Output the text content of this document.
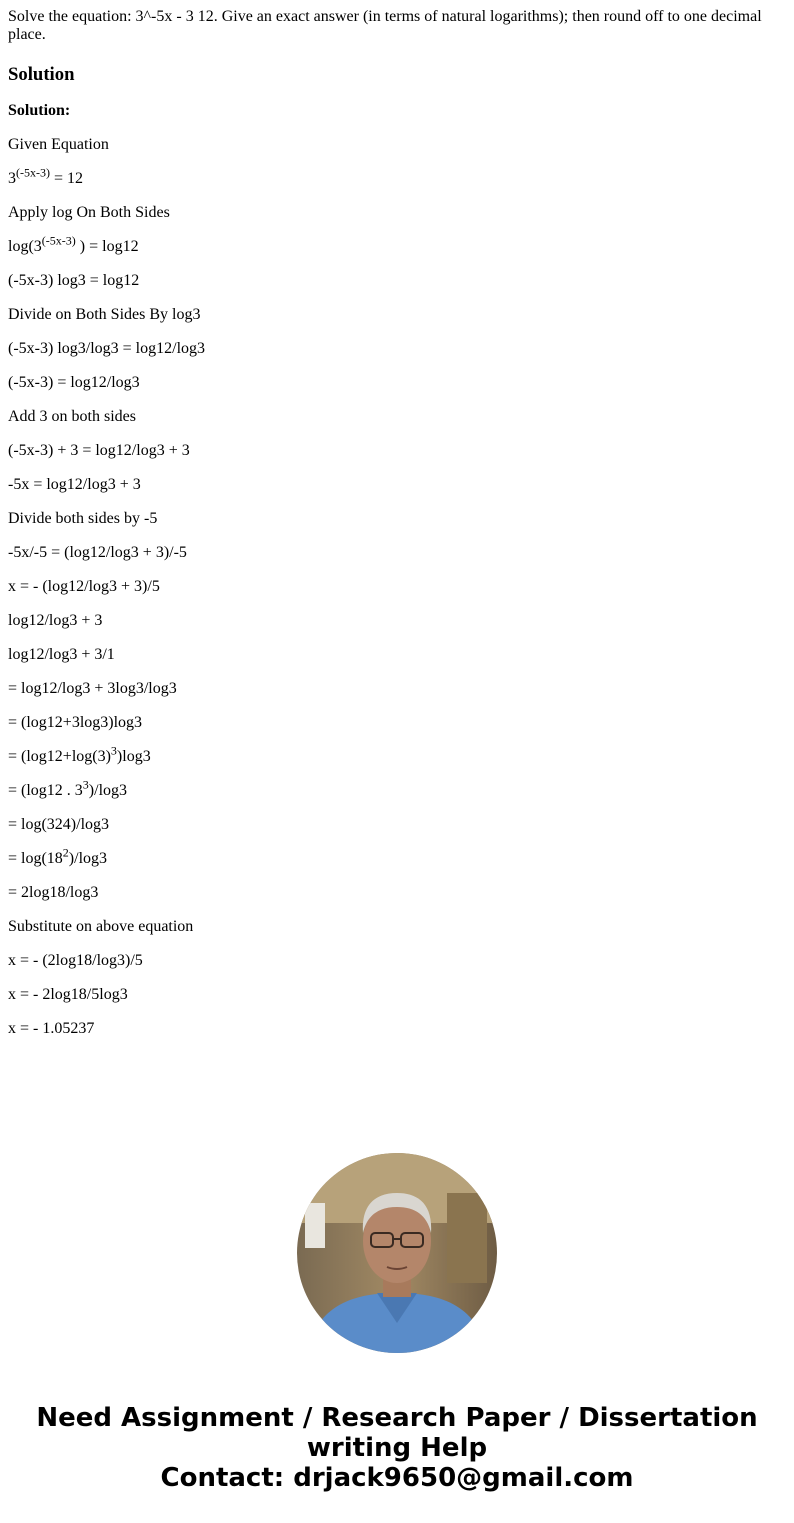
Solve the equation: 3^-5x - 3 12. Give an exact answer (in terms of natural logarithms); then round off to one decimal place.

Solution

Solution:

Given Equation

$3^{(-5x-3)} = 12$

Apply log On Both Sides

$\log(3^{(-5x-3)}$ ) = log12

(-5x-3) log3 = log12

Divide on Both Sides By log3

(-5x-3) log3/log3 = log12/log3

(-5x-3) = log12/log3

Add 3 on both sides

(-5x-3) + 3 = log12/log3 + 3

-5x = log12/log3 + 3

Divide both sides by -5

-5x/-5 = (log12/log3 + 3)/-5

x = - (log12/log3 + 3)/5

log12/log3 + 3

log12/log3 + 3/1

= log12/log3 + 3log3/log3

= (log12+3log3)log3

= $(\log 12+\log(3)^3)\log 3$

= (log12 . $3^3)/\log 3$

= log(324)/log3

= $\log(18^2)/\log 3$

= 2log18/log3

Substitute on above equation

x = - (2log18/log3)/5

x = - 2log18/5log3

x = - 1.05237

Need Assignment / Research Paper / Dissertation
writing Help
Contact: drjack9650@gmail.com
